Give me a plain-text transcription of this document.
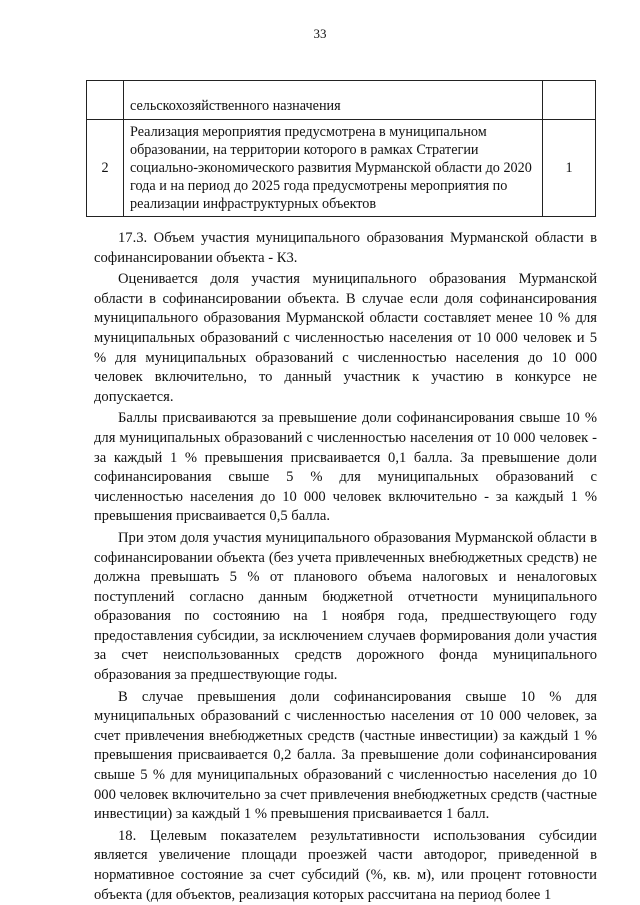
33
	сельскохозяйственного назначения	
2	Реализация мероприятия предусмотрена в муниципальном образовании, на территории которого в рамках Стратегии социально-экономического развития Мурманской области до 2020 года и на период до 2025 года предусмотрены мероприятия по реализации инфраструктурных объектов	1

17.3. Объем участия муниципального образования Мурманской области в софинансировании объекта - К3.

Оценивается доля участия муниципального образования Мурманской области в софинансировании объекта. В случае если доля софинансирования муниципального образования Мурманской области составляет менее 10 % для муниципальных образований с численностью населения от 10 000 человек и 5 % для муниципальных образований с численностью населения до 10 000 человек включительно, то данный участник к участию в конкурсе не допускается.

Баллы присваиваются за превышение доли софинансирования свыше 10 % для муниципальных образований с численностью населения от 10 000 человек - за каждый 1 % превышения присваивается 0,1 балла. За превышение доли софинансирования свыше 5 % для муниципальных образований с численностью населения до 10 000 человек включительно - за каждый 1 % превышения присваивается 0,5 балла.

При этом доля участия муниципального образования Мурманской области в софинансировании объекта (без учета привлеченных внебюджетных средств) не должна превышать 5 % от планового объема налоговых и неналоговых поступлений согласно данным бюджетной отчетности муниципального образования по состоянию на 1 ноября года, предшествующего году предоставления субсидии, за исключением случаев формирования доли участия за счет неиспользованных средств дорожного фонда муниципального образования за предшествующие годы.

В случае превышения доли софинансирования свыше 10 % для муниципальных образований с численностью населения от 10 000 человек, за счет привлечения внебюджетных средств (частные инвестиции) за каждый 1 % превышения присваивается 0,2 балла. За превышение доли софинансирования свыше 5 % для муниципальных образований с численностью населения до 10 000 человек включительно за счет привлечения внебюджетных средств (частные инвестиции) за каждый 1 % превышения присваивается 1 балл.

18. Целевым показателем результативности использования субсидии является увеличение площади проезжей части автодорог, приведенной в нормативное состояние за счет субсидий (%, кв. м), или процент готовности объекта (для объектов, реализация которых рассчитана на период более 1
